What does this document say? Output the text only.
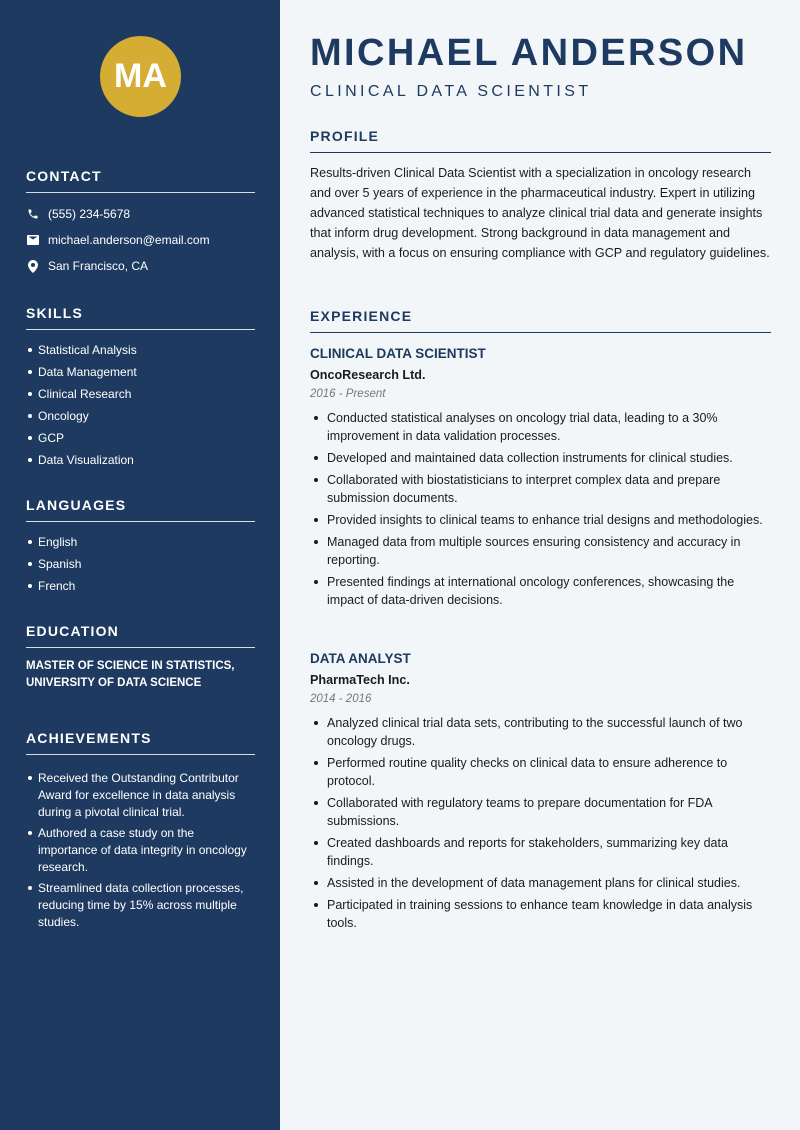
MA
CONTACT
(555) 234-5678
michael.anderson@email.com
San Francisco, CA
SKILLS
Statistical Analysis
Data Management
Clinical Research
Oncology
GCP
Data Visualization
LANGUAGES
English
Spanish
French
EDUCATION
MASTER OF SCIENCE IN STATISTICS, UNIVERSITY OF DATA SCIENCE
ACHIEVEMENTS
Received the Outstanding Contributor Award for excellence in data analysis during a pivotal clinical trial.
Authored a case study on the importance of data integrity in oncology research.
Streamlined data collection processes, reducing time by 15% across multiple studies.
MICHAEL ANDERSON
CLINICAL DATA SCIENTIST
PROFILE

Results-driven Clinical Data Scientist with a specialization in oncology research and over 5 years of experience in the pharmaceutical industry. Expert in utilizing advanced statistical techniques to analyze clinical trial data and generate insights that inform drug development. Strong background in data management and analysis, with a focus on ensuring compliance with GCP and regulatory guidelines.

EXPERIENCE
CLINICAL DATA SCIENTIST
OncoResearch Ltd.
2016 - Present
Conducted statistical analyses on oncology trial data, leading to a 30% improvement in data validation processes.
Developed and maintained data collection instruments for clinical studies.
Collaborated with biostatisticians to interpret complex data and prepare submission documents.
Provided insights to clinical teams to enhance trial designs and methodologies.
Managed data from multiple sources ensuring consistency and accuracy in reporting.
Presented findings at international oncology conferences, showcasing the impact of data-driven decisions.
DATA ANALYST
PharmaTech Inc.
2014 - 2016
Analyzed clinical trial data sets, contributing to the successful launch of two oncology drugs.
Performed routine quality checks on clinical data to ensure adherence to protocol.
Collaborated with regulatory teams to prepare documentation for FDA submissions.
Created dashboards and reports for stakeholders, summarizing key data findings.
Assisted in the development of data management plans for clinical studies.
Participated in training sessions to enhance team knowledge in data analysis tools.
